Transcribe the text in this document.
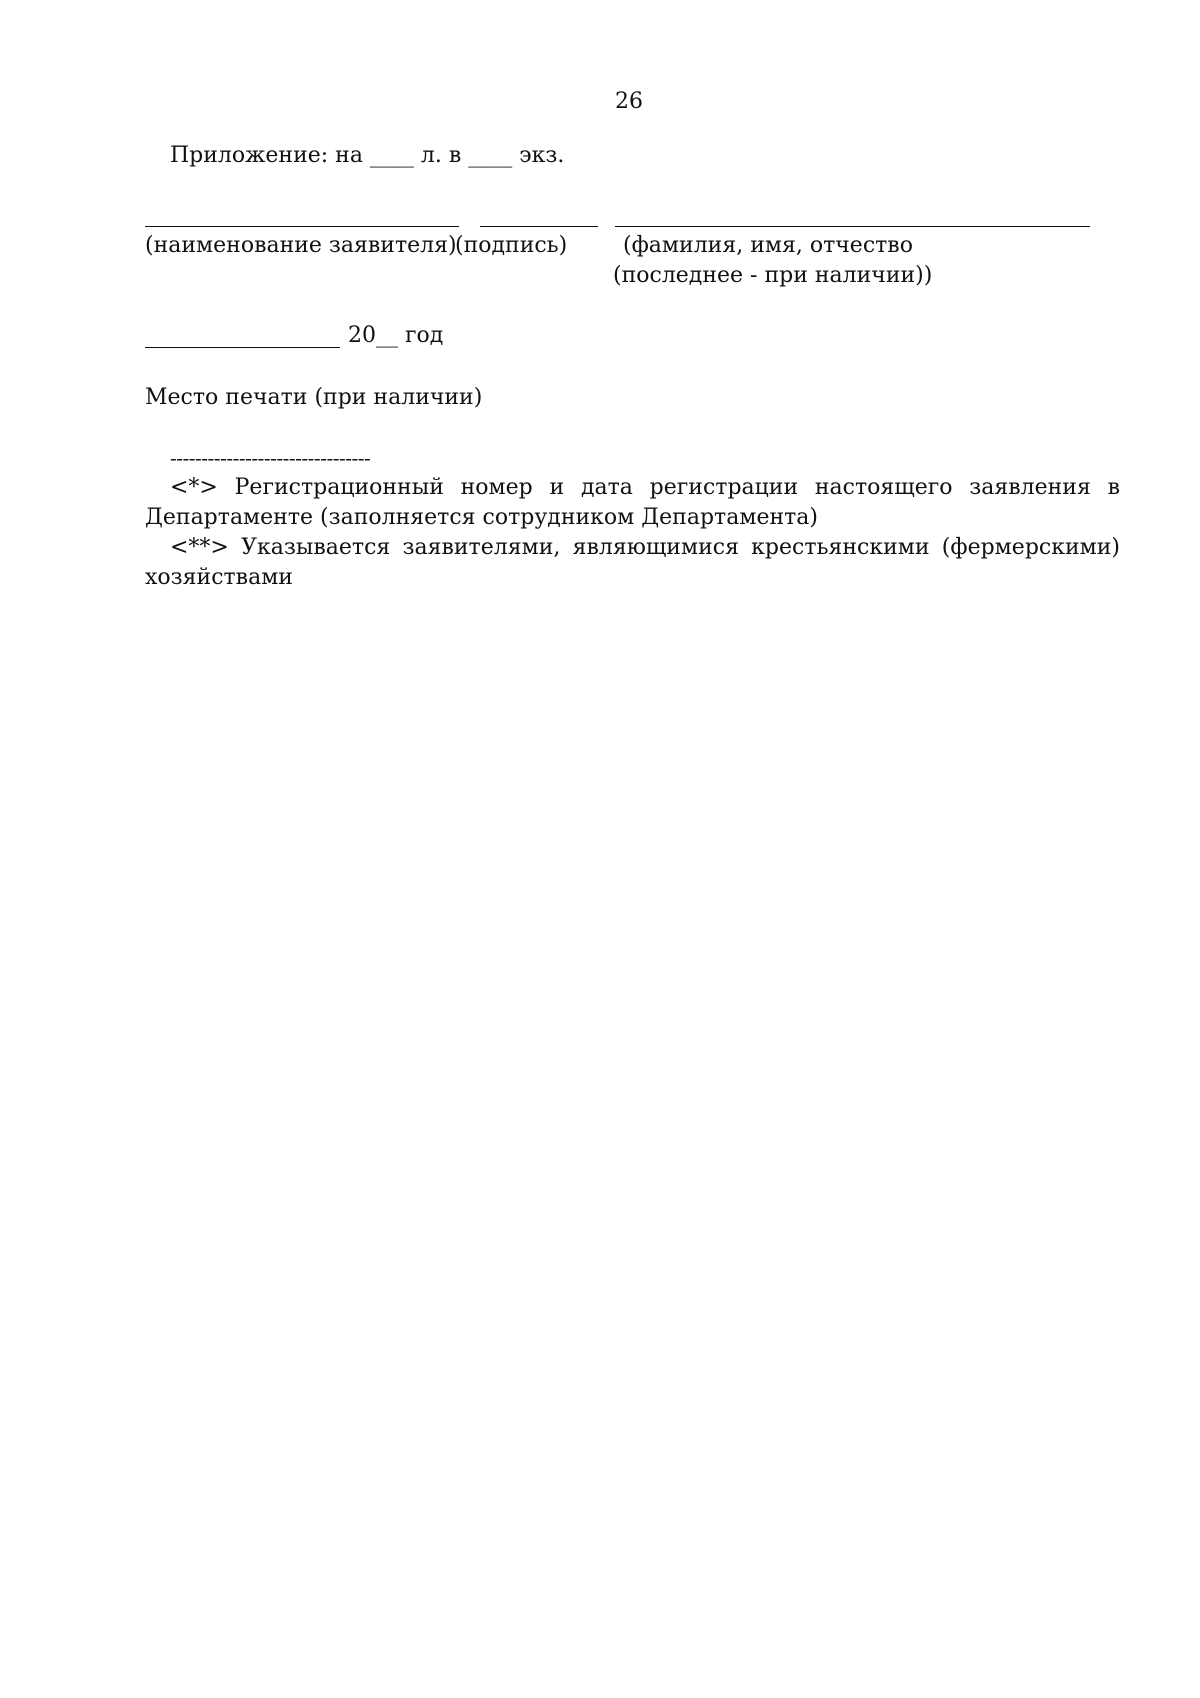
26
Приложение: на ____ л. в ____ экз.
(наименование заявителя)
(подпись)	(фамилия, имя, отчество
(последнее - при наличии))
20__ год
Место печати (при наличии)
--------------------------------
<*> Регистрационный номер и дата регистрации настоящего заявления в
Департаменте (заполняется сотрудником Департамента)
<**> Указывается заявителями, являющимися крестьянскими (фермерскими)
хозяйствами
